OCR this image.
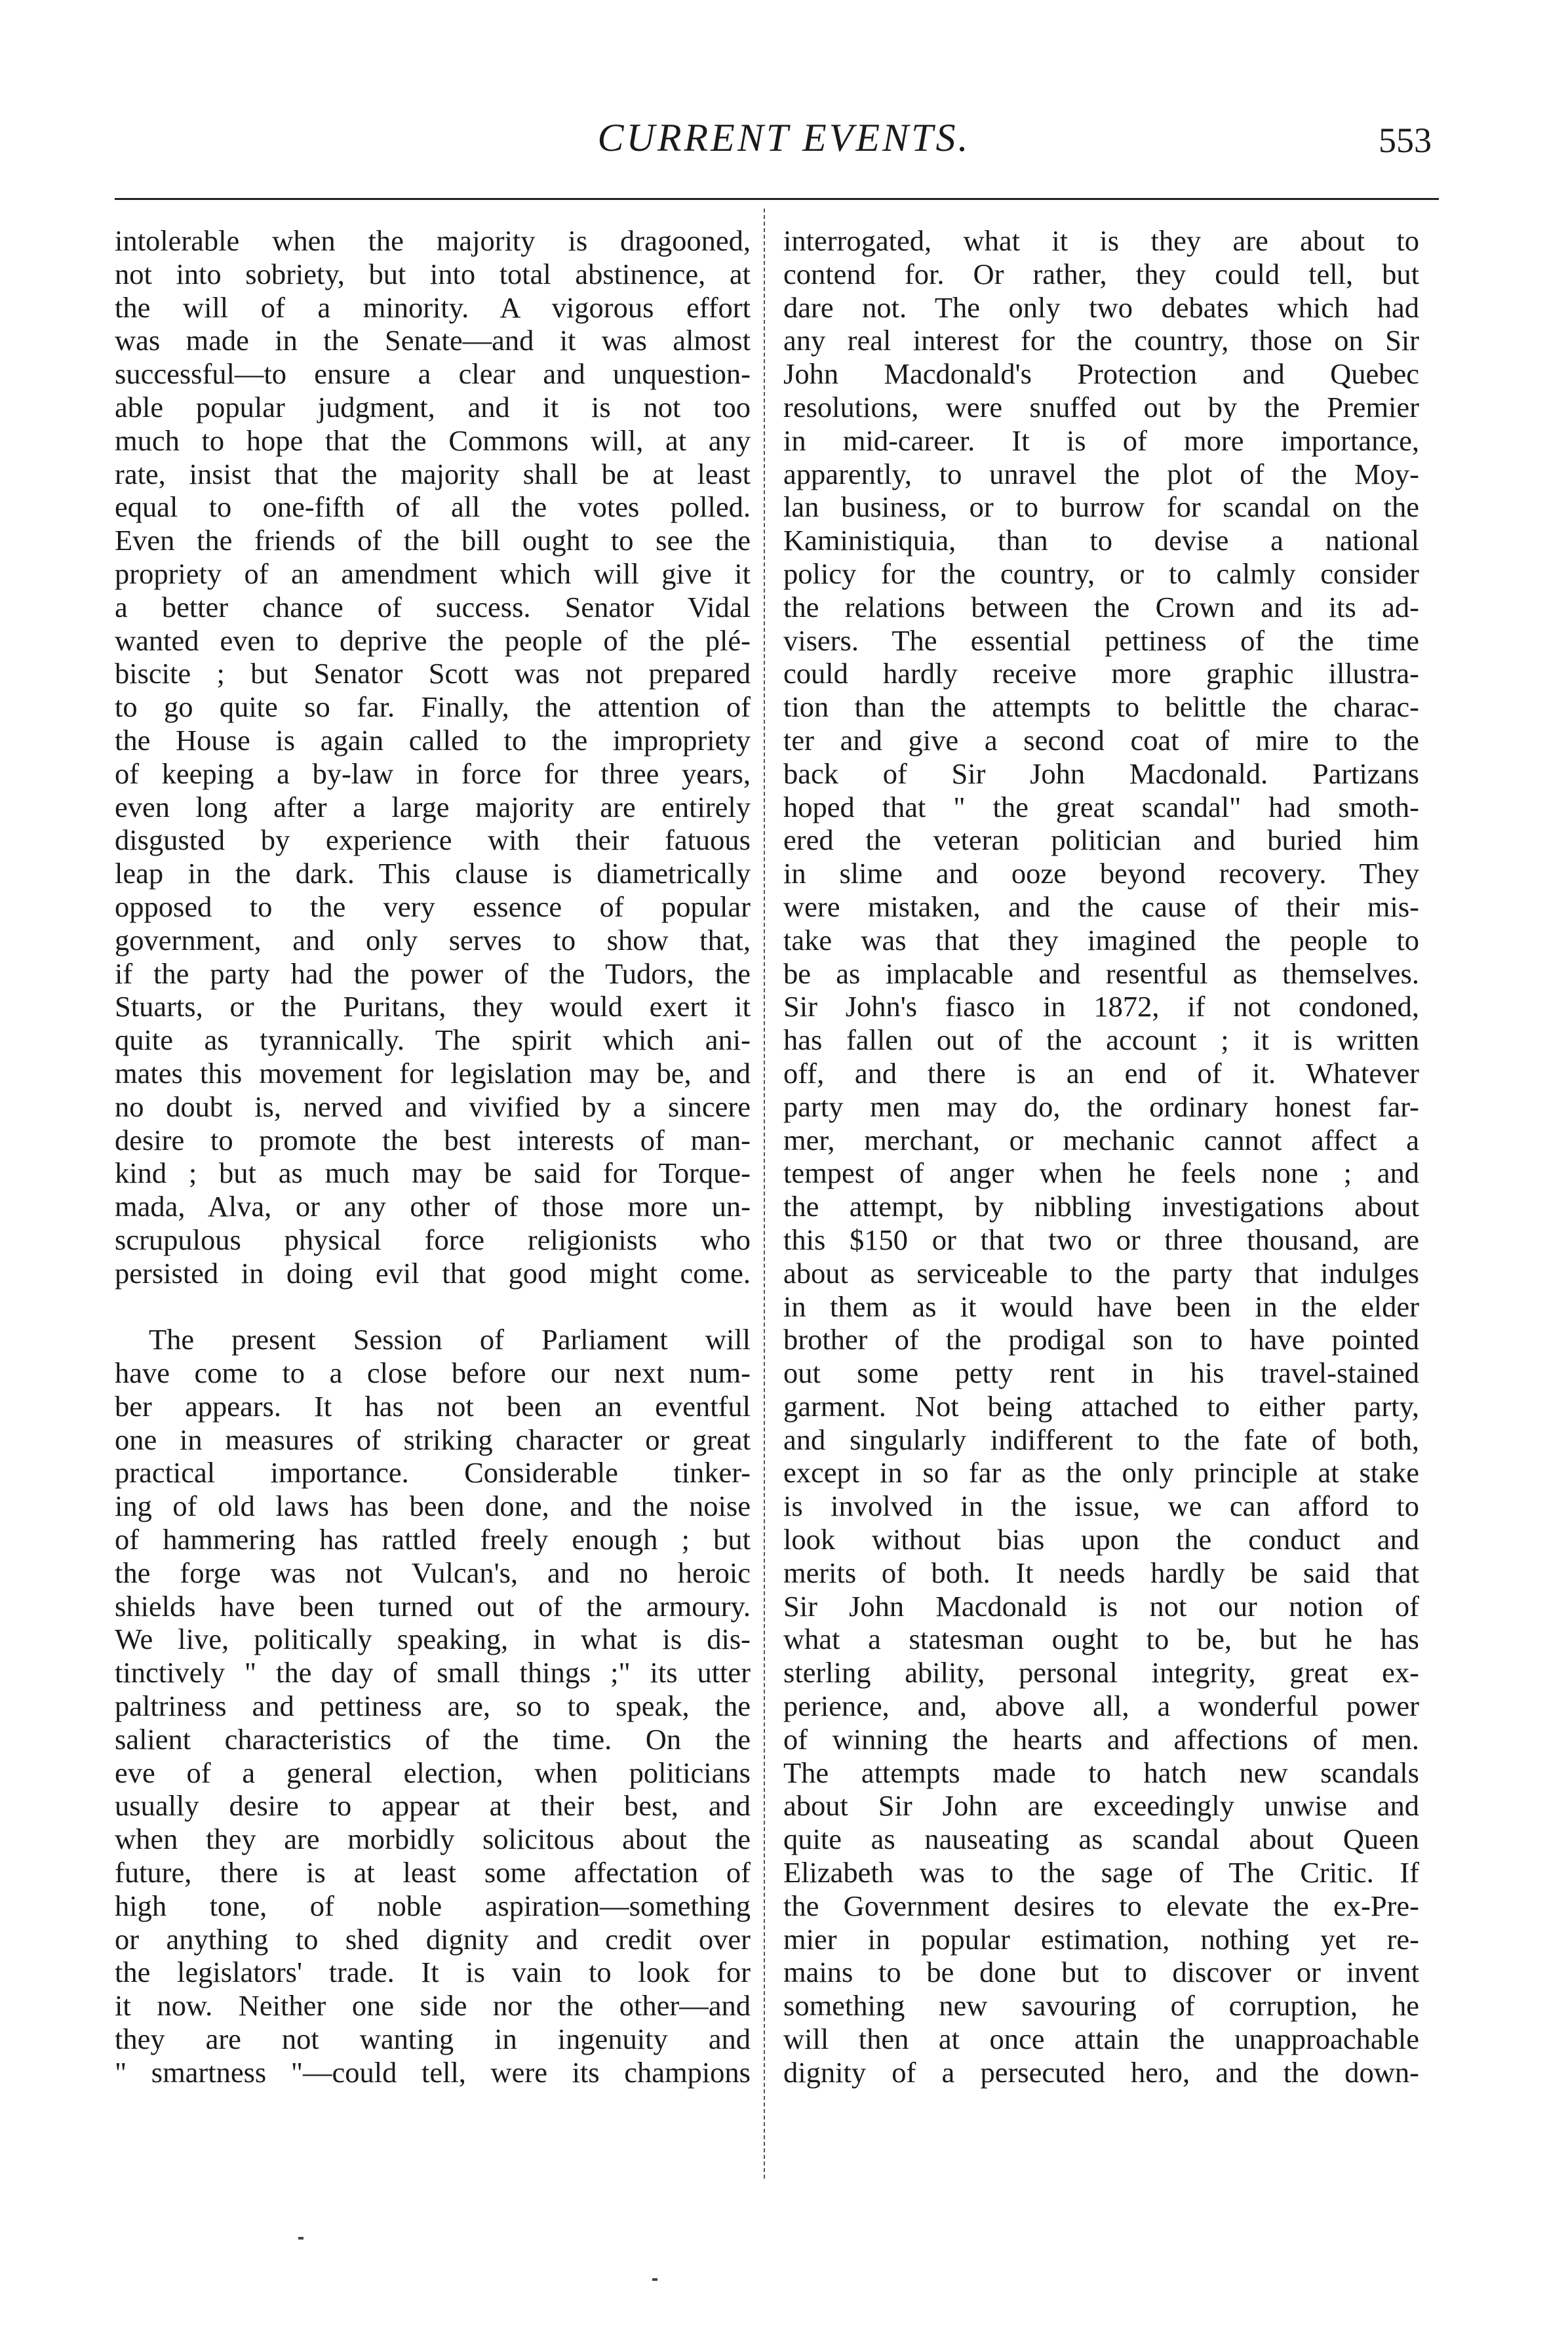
CURRENT EVENTS.	553
intolerable when the majority is dragooned,
not into sobriety, but into total abstinence, at
the will of a minority. A vigorous effort
was made in the Senate—and it was almost
successful—to ensure a clear and unquestion-
able popular judgment, and it is not too
much to hope that the Commons will, at any
rate, insist that the majority shall be at least
equal to one-fifth of all the votes polled.
Even the friends of the bill ought to see the
propriety of an amendment which will give it
a better chance of success. Senator Vidal
wanted even to deprive the people of the plé-
biscite ; but Senator Scott was not prepared
to go quite so far. Finally, the attention of
the House is again called to the impropriety
of keeping a by-law in force for three years,
even long after a large majority are entirely
disgusted by experience with their fatuous
leap in the dark. This clause is diametrically
opposed to the very essence of popular
government, and only serves to show that,
if the party had the power of the Tudors, the
Stuarts, or the Puritans, they would exert it
quite as tyrannically. The spirit which ani-
mates this movement for legislation may be, and
no doubt is, nerved and vivified by a sincere
desire to promote the best interests of man-
kind ; but as much may be said for Torque-
mada, Alva, or any other of those more un-
scrupulous physical force religionists who
persisted in doing evil that good might come.
The present Session of Parliament will
have come to a close before our next num-
ber appears. It has not been an eventful
one in measures of striking character or great
practical importance. Considerable tinker-
ing of old laws has been done, and the noise
of hammering has rattled freely enough ; but
the forge was not Vulcan's, and no heroic
shields have been turned out of the armoury.
We live, politically speaking, in what is dis-
tinctively " the day of small things ;" its utter
paltriness and pettiness are, so to speak, the
salient characteristics of the time. On the
eve of a general election, when politicians
usually desire to appear at their best, and
when they are morbidly solicitous about the
future, there is at least some affectation of
high tone, of noble aspiration—something
or anything to shed dignity and credit over
the legislators' trade. It is vain to look for
it now. Neither one side nor the other—and
they are not wanting in ingenuity and
" smartness "—could tell, were its champions
interrogated, what it is they are about to
contend for. Or rather, they could tell, but
dare not. The only two debates which had
any real interest for the country, those on Sir
John Macdonald's Protection and Quebec
resolutions, were snuffed out by the Premier
in mid-career. It is of more importance,
apparently, to unravel the plot of the Moy-
lan business, or to burrow for scandal on the
Kaministiquia, than to devise a national
policy for the country, or to calmly consider
the relations between the Crown and its ad-
visers. The essential pettiness of the time
could hardly receive more graphic illustra-
tion than the attempts to belittle the charac-
ter and give a second coat of mire to the
back of Sir John Macdonald. Partizans
hoped that " the great scandal" had smoth-
ered the veteran politician and buried him
in slime and ooze beyond recovery. They
were mistaken, and the cause of their mis-
take was that they imagined the people to
be as implacable and resentful as themselves.
Sir John's fiasco in 1872, if not condoned,
has fallen out of the account ; it is written
off, and there is an end of it. Whatever
party men may do, the ordinary honest far-
mer, merchant, or mechanic cannot affect a
tempest of anger when he feels none ; and
the attempt, by nibbling investigations about
this $150 or that two or three thousand, are
about as serviceable to the party that indulges
in them as it would have been in the elder
brother of the prodigal son to have pointed
out some petty rent in his travel-stained
garment. Not being attached to either party,
and singularly indifferent to the fate of both,
except in so far as the only principle at stake
is involved in the issue, we can afford to
look without bias upon the conduct and
merits of both. It needs hardly be said that
Sir John Macdonald is not our notion of
what a statesman ought to be, but he has
sterling ability, personal integrity, great ex-
perience, and, above all, a wonderful power
of winning the hearts and affections of men.
The attempts made to hatch new scandals
about Sir John are exceedingly unwise and
quite as nauseating as scandal about Queen
Elizabeth was to the sage of The Critic. If
the Government desires to elevate the ex-Pre-
mier in popular estimation, nothing yet re-
mains to be done but to discover or invent
something new savouring of corruption, he
will then at once attain the unapproachable
dignity of a persecuted hero, and the down-
